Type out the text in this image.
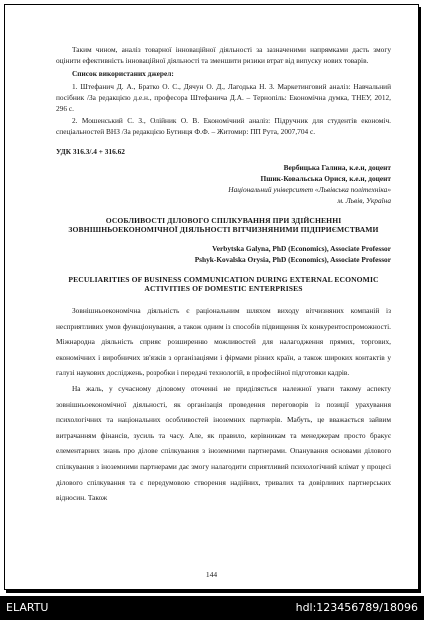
Таким чином, аналіз товарної інноваційної діяльності за зазначеними напрямками дасть змогу оцінити ефективність інноваційної діяльності та зменшити ризики втрат від випуску нових товарів.

Список використаних джерел:

1. Штефанич Д. А., Братко О. С., Дячун О. Д., Лагодька Н. З. Маркетинговий аналіз: Навчальний посібник /За редакцією д.е.н., професора Штефанича Д.А. – Тернопіль: Економічна думка, ТНЕУ, 2012, 296 с.

2. Мошенський С. З., Олійник О. В. Економічний аналіз: Підручник для студентів економіч. спеціальностей ВНЗ /За редакцією Бутинця Ф.Ф. – Житомир: ПП Рута, 2007,704 с.

УДК 316.3/.4 + 316.62

Вербицька Галина, к.е.н, доцент

Пшик-Ковальська Орися, к.е.н, доцент

Національний університет «Львівська політехніка»

м. Львів, Україна

ОСОБЛИВОСТІ ДІЛОВОГО СПІЛКУВАННЯ ПРИ ЗДІЙСНЕННІ ЗОВНІШНЬОЕКОНОМІЧНОЇ ДІЯЛЬНОСТІ ВІТЧИЗНЯНИМИ ПІДПРИЄМСТВАМИ

Verbytska Galyna, PhD (Economics), Associate Professor

Pshyk-Kovalska Orysia, PhD (Economics), Associate Professor

PECULIARITIES OF BUSINESS COMMUNICATION DURING EXTERNAL ECONOMIC ACTIVITIES OF DOMESTIC ENTERPRISES

Зовнішньоекономічна діяльність є раціональним шляхом виходу вітчизняних компаній із несприятливих умов функціонування, а також одним із способів підвищення їх конкурентоспроможності. Міжнародна діяльність сприяє розширенню можливостей для налагодження прямих, торгових, економічних і виробничих зв'язків з організаціями і фірмами різних країн, а також широких контактів у галузі наукових досліджень, розробки і передачі технологій, в професійної підготовки кадрів.

На жаль, у сучасному діловому оточенні не приділяється належної уваги такому аспекту зовнішньоекономічної діяльності, як організація проведення переговорів із позиції урахування психологічних та національних особливостей іноземних партнерів. Мабуть, це вважається зайвим витрачанням фінансів, зусиль та часу. Але, як правило, керівникам та менеджерам просто бракує елементарних знань про ділове спілкування з іноземними партнерами. Опанування основами ділового спілкування з іноземними партнерами дає змогу налагодити сприятливий психологічний клімат у процесі ділового спілкування та є передумовою створення надійних, тривалих та довірливих партнерських відносин. Також

144
ELARTU	hdl:123456789/18096
